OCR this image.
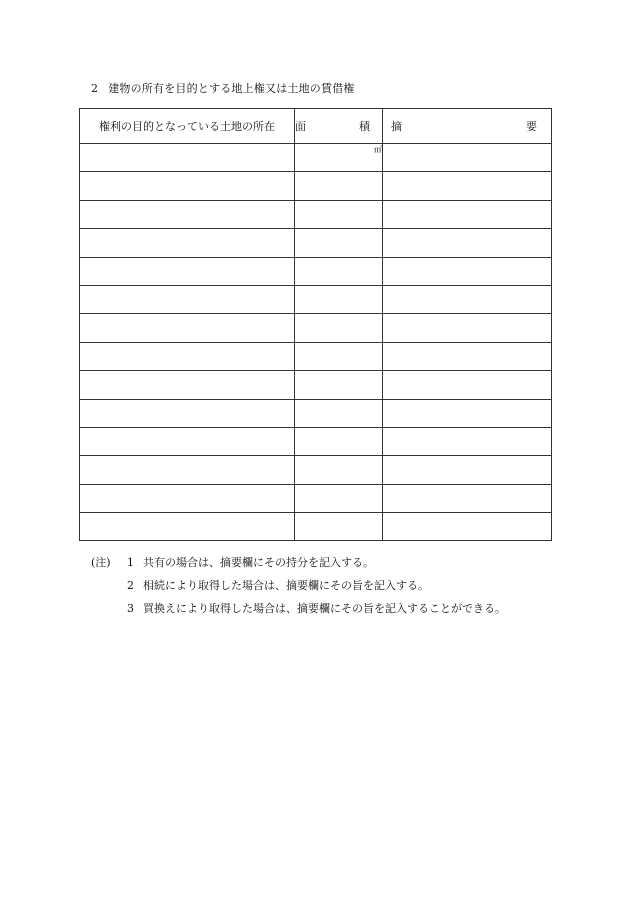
2 建物の所有を目的とする地上権又は土地の賃借権
権利の目的となっている土地の所在	面 積	摘 要

	㎡	

(注)	1 共有の場合は、摘要欄にその持分を記入する。
2 相続により取得した場合は、摘要欄にその旨を記入する。
3 買換えにより取得した場合は、摘要欄にその旨を記入することができる。
